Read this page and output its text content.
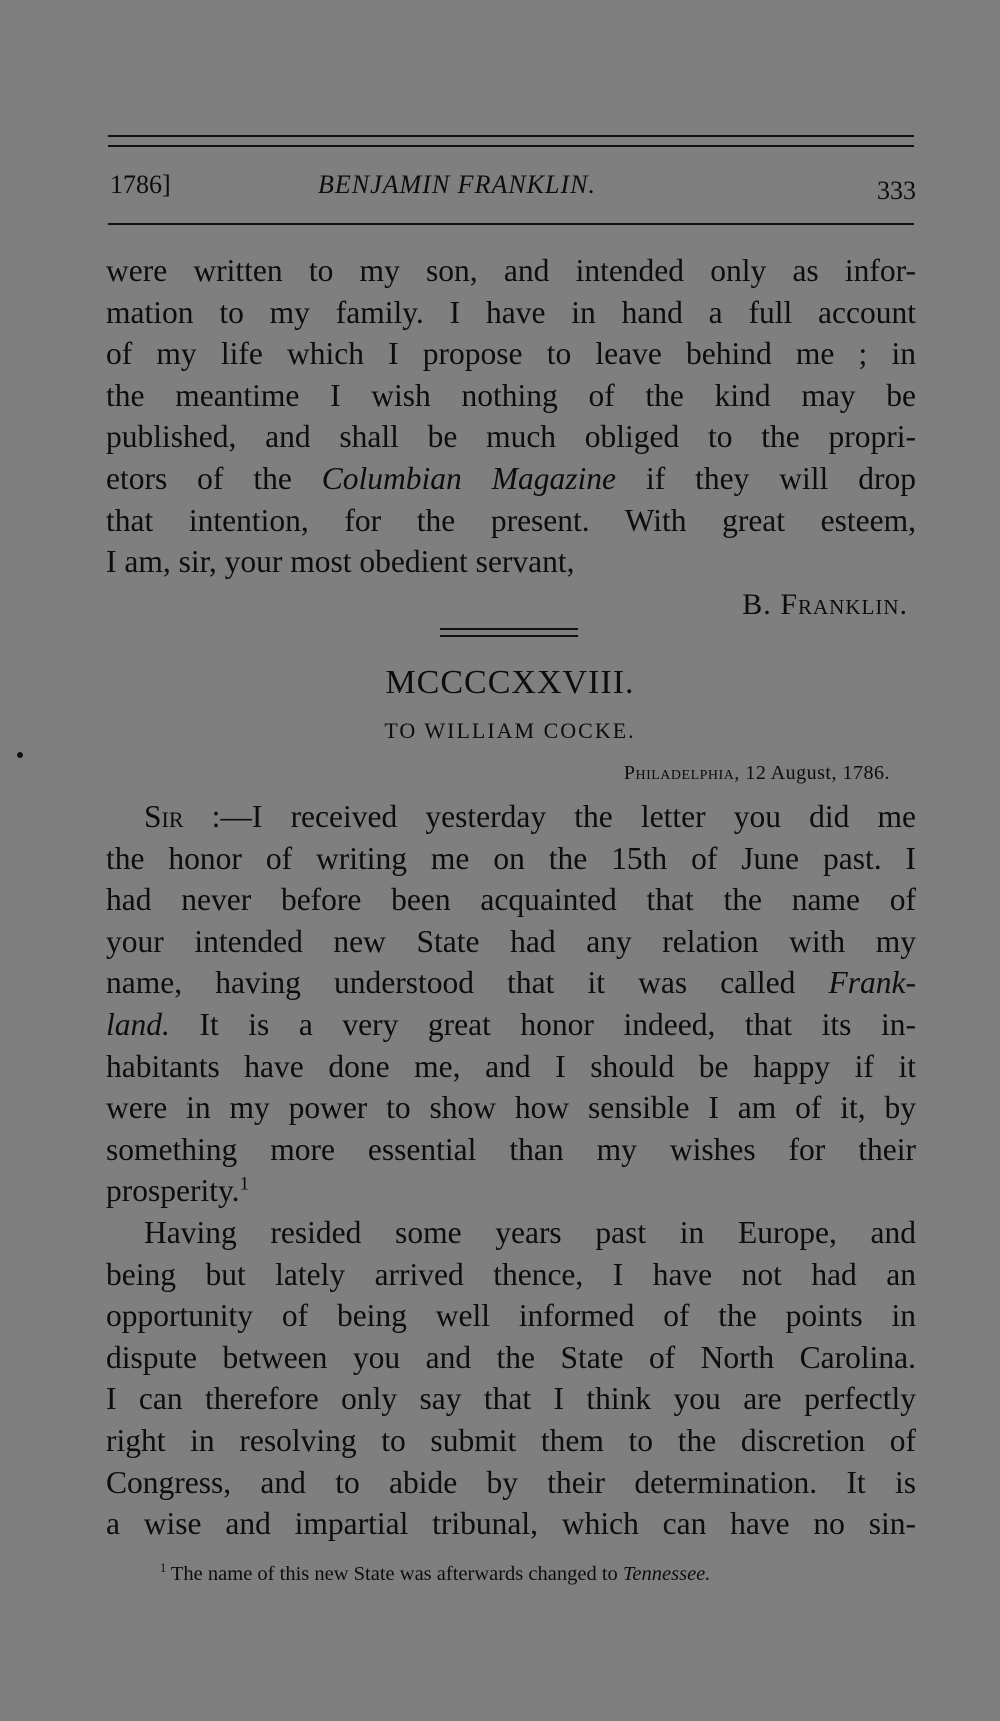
1786]	BENJAMIN FRANKLIN.	333
were written to my son, and intended only as infor-
mation to my family. I have in hand a full account
of my life which I propose to leave behind me ; in
the meantime I wish nothing of the kind may be
published, and shall be much obliged to the propri-
etors of the Columbian Magazine if they will drop
that intention, for the present. With great esteem,
I am, sir, your most obedient servant,
B. Franklin.
MCCCCXXVIII.
TO WILLIAM COCKE.
Philadelphia, 12 August, 1786.
Sir :—I received yesterday the letter you did me
the honor of writing me on the 15th of June past. I
had never before been acquainted that the name of
your intended new State had any relation with my
name, having understood that it was called Frank-
land. It is a very great honor indeed, that its in-
habitants have done me, and I should be happy if it
were in my power to show how sensible I am of it, by
something more essential than my wishes for their
prosperity.$^1$
Having resided some years past in Europe, and
being but lately arrived thence, I have not had an
opportunity of being well informed of the points in
dispute between you and the State of North Carolina.
I can therefore only say that I think you are perfectly
right in resolving to submit them to the discretion of
Congress, and to abide by their determination. It is
a wise and impartial tribunal, which can have no sin-
$^1$ The name of this new State was afterwards changed to Tennessee.
